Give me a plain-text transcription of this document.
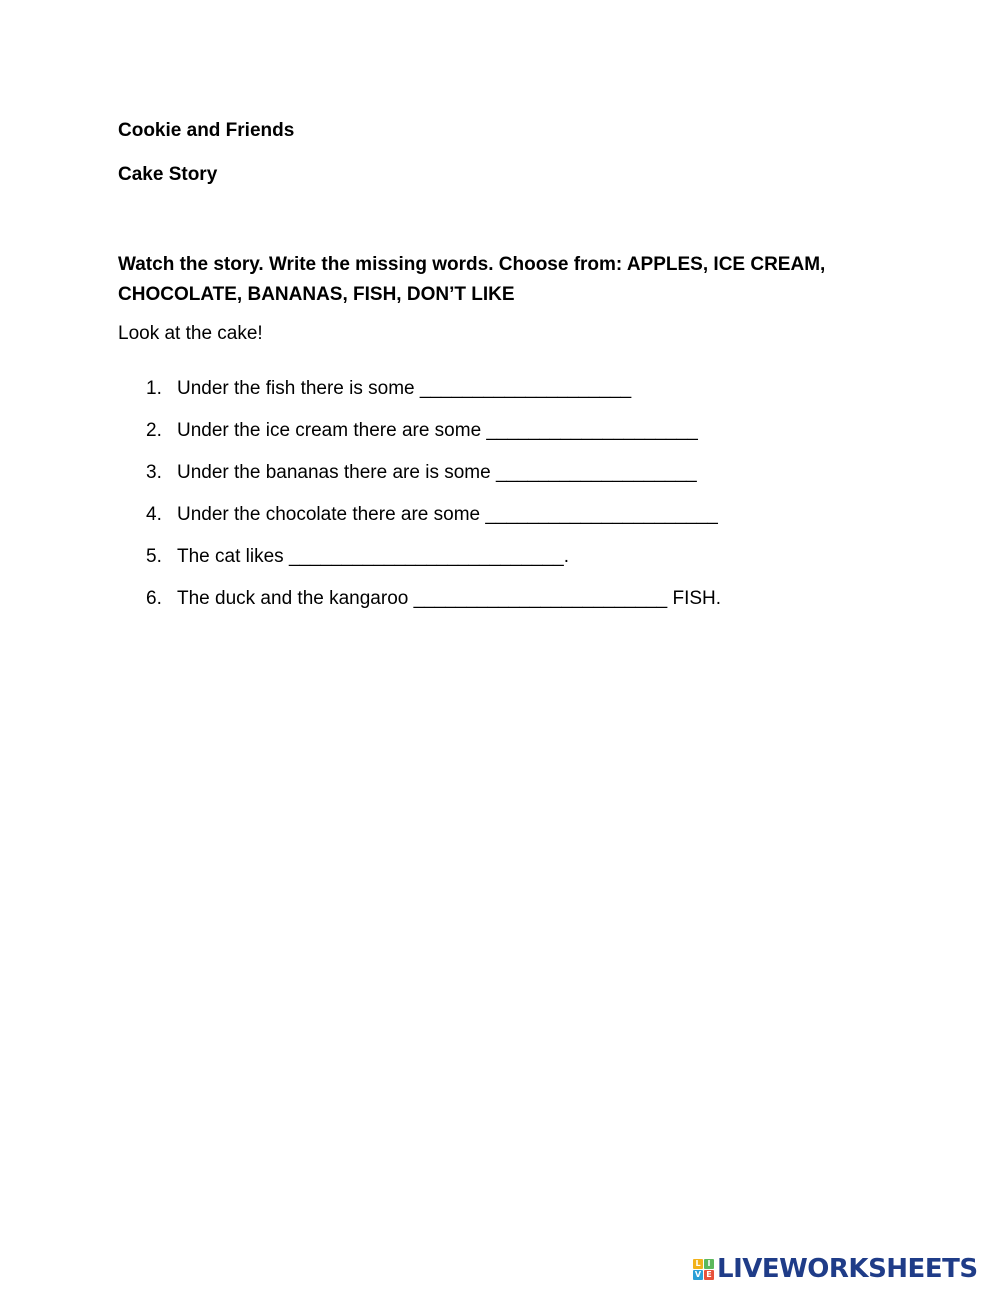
Cookie and Friends

Cake Story

Watch the story. Write the missing words. Choose from: APPLES, ICE CREAM, CHOCOLATE, BANANAS, FISH, DON’T LIKE

Look at the cake!

1. Under the fish there is some ____________________
2. Under the ice cream there are some ____________________
3. Under the bananas there are is some ___________________
4. Under the chocolate there are some ______________________
5. The cat likes __________________________ .
6. The duck and the kangaroo ________________________ FISH.
L I
V E LIVEWORKSHEETS
